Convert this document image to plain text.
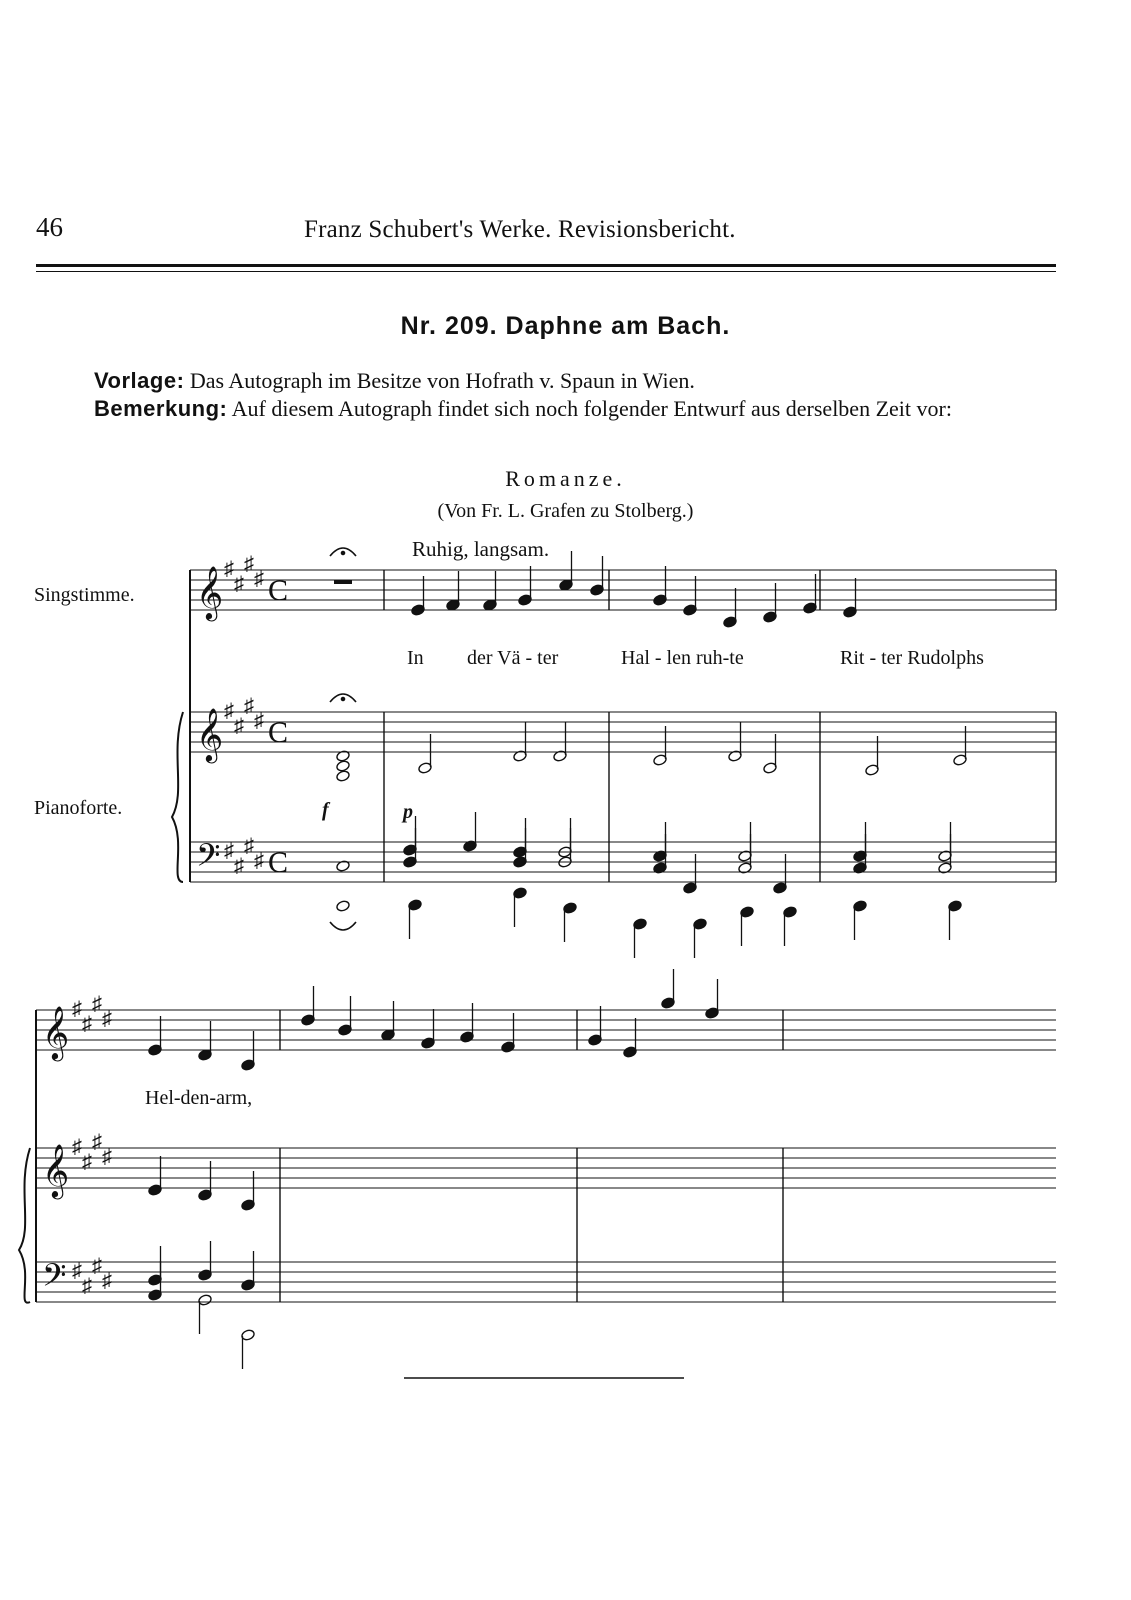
46	Franz Schubert's Werke. Revisionsbericht.
Nr. 209. Daphne am Bach.
Vorlage: Das Autograph im Besitze von Hofrath v. Spaun in Wien.
Bemerkung: Auf diesem Autograph findet sich noch folgender Entwurf aus derselben Zeit vor:
Romanze.
(Von Fr. L. Grafen zu Stolberg.)
𝄞
𝄞
𝄢
♯
♯
♯
♯
♯
♯
♯
♯
♯
♯
♯
♯
C
C
C
𝄞
𝄞
𝄢
♯
♯
♯
♯
♯
♯
♯
♯
♯
♯
♯
♯
Ruhig, langsam.
Singstimme.
Pianoforte.	f	p
In der Vä - ter	Hal - len ruh-te	Rit - ter Rudolphs
Hel-den-arm,
